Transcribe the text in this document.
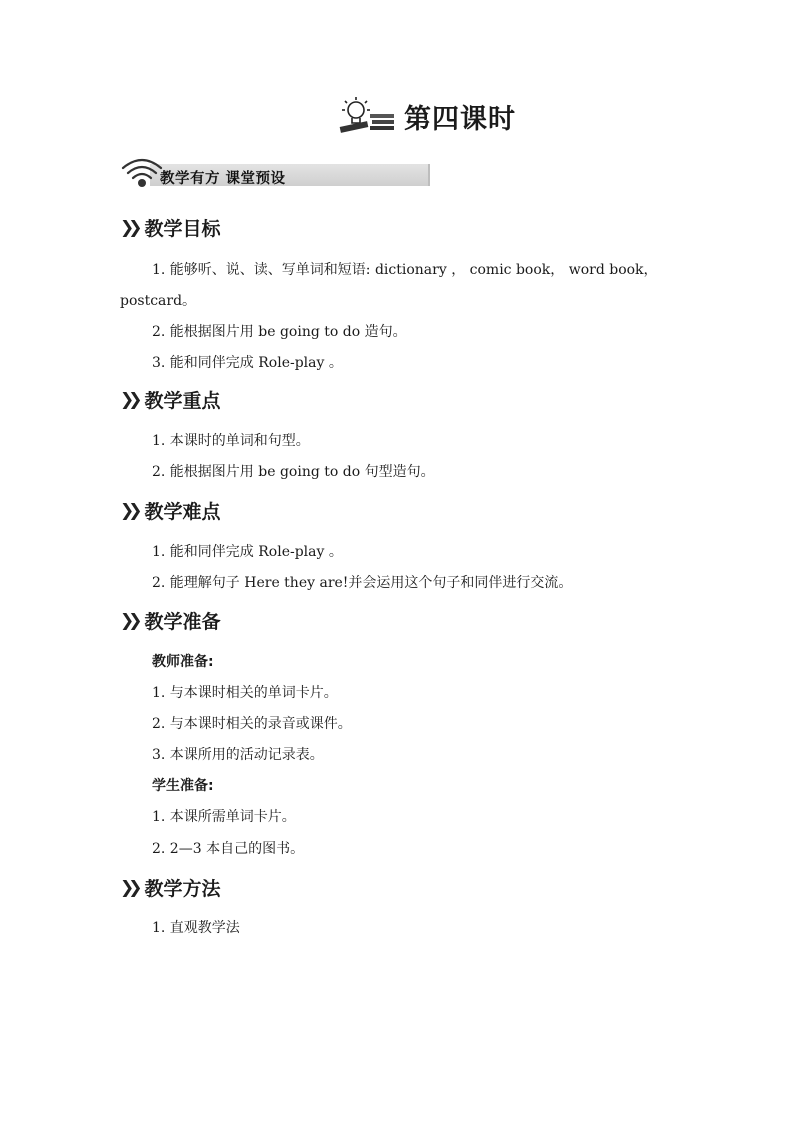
第四课时
教学有方 课堂预设
❯❯ 教学目标
1. 能够听、说、读、写单词和短语: dictionary ， comic book， word book，
postcard。
2. 能根据图片用 be going to do 造句。
3. 能和同伴完成 Role-play 。
❯❯ 教学重点
1. 本课时的单词和句型。
2. 能根据图片用 be going to do 句型造句。
❯❯ 教学难点
1. 能和同伴完成 Role-play 。
2. 能理解句子 Here they are!并会运用这个句子和同伴进行交流。
❯❯ 教学准备
教师准备:
1. 与本课时相关的单词卡片。
2. 与本课时相关的录音或课件。
3. 本课所用的活动记录表。
学生准备:
1. 本课所需单词卡片。
2. 2—3 本自己的图书。
❯❯ 教学方法
1. 直观教学法
